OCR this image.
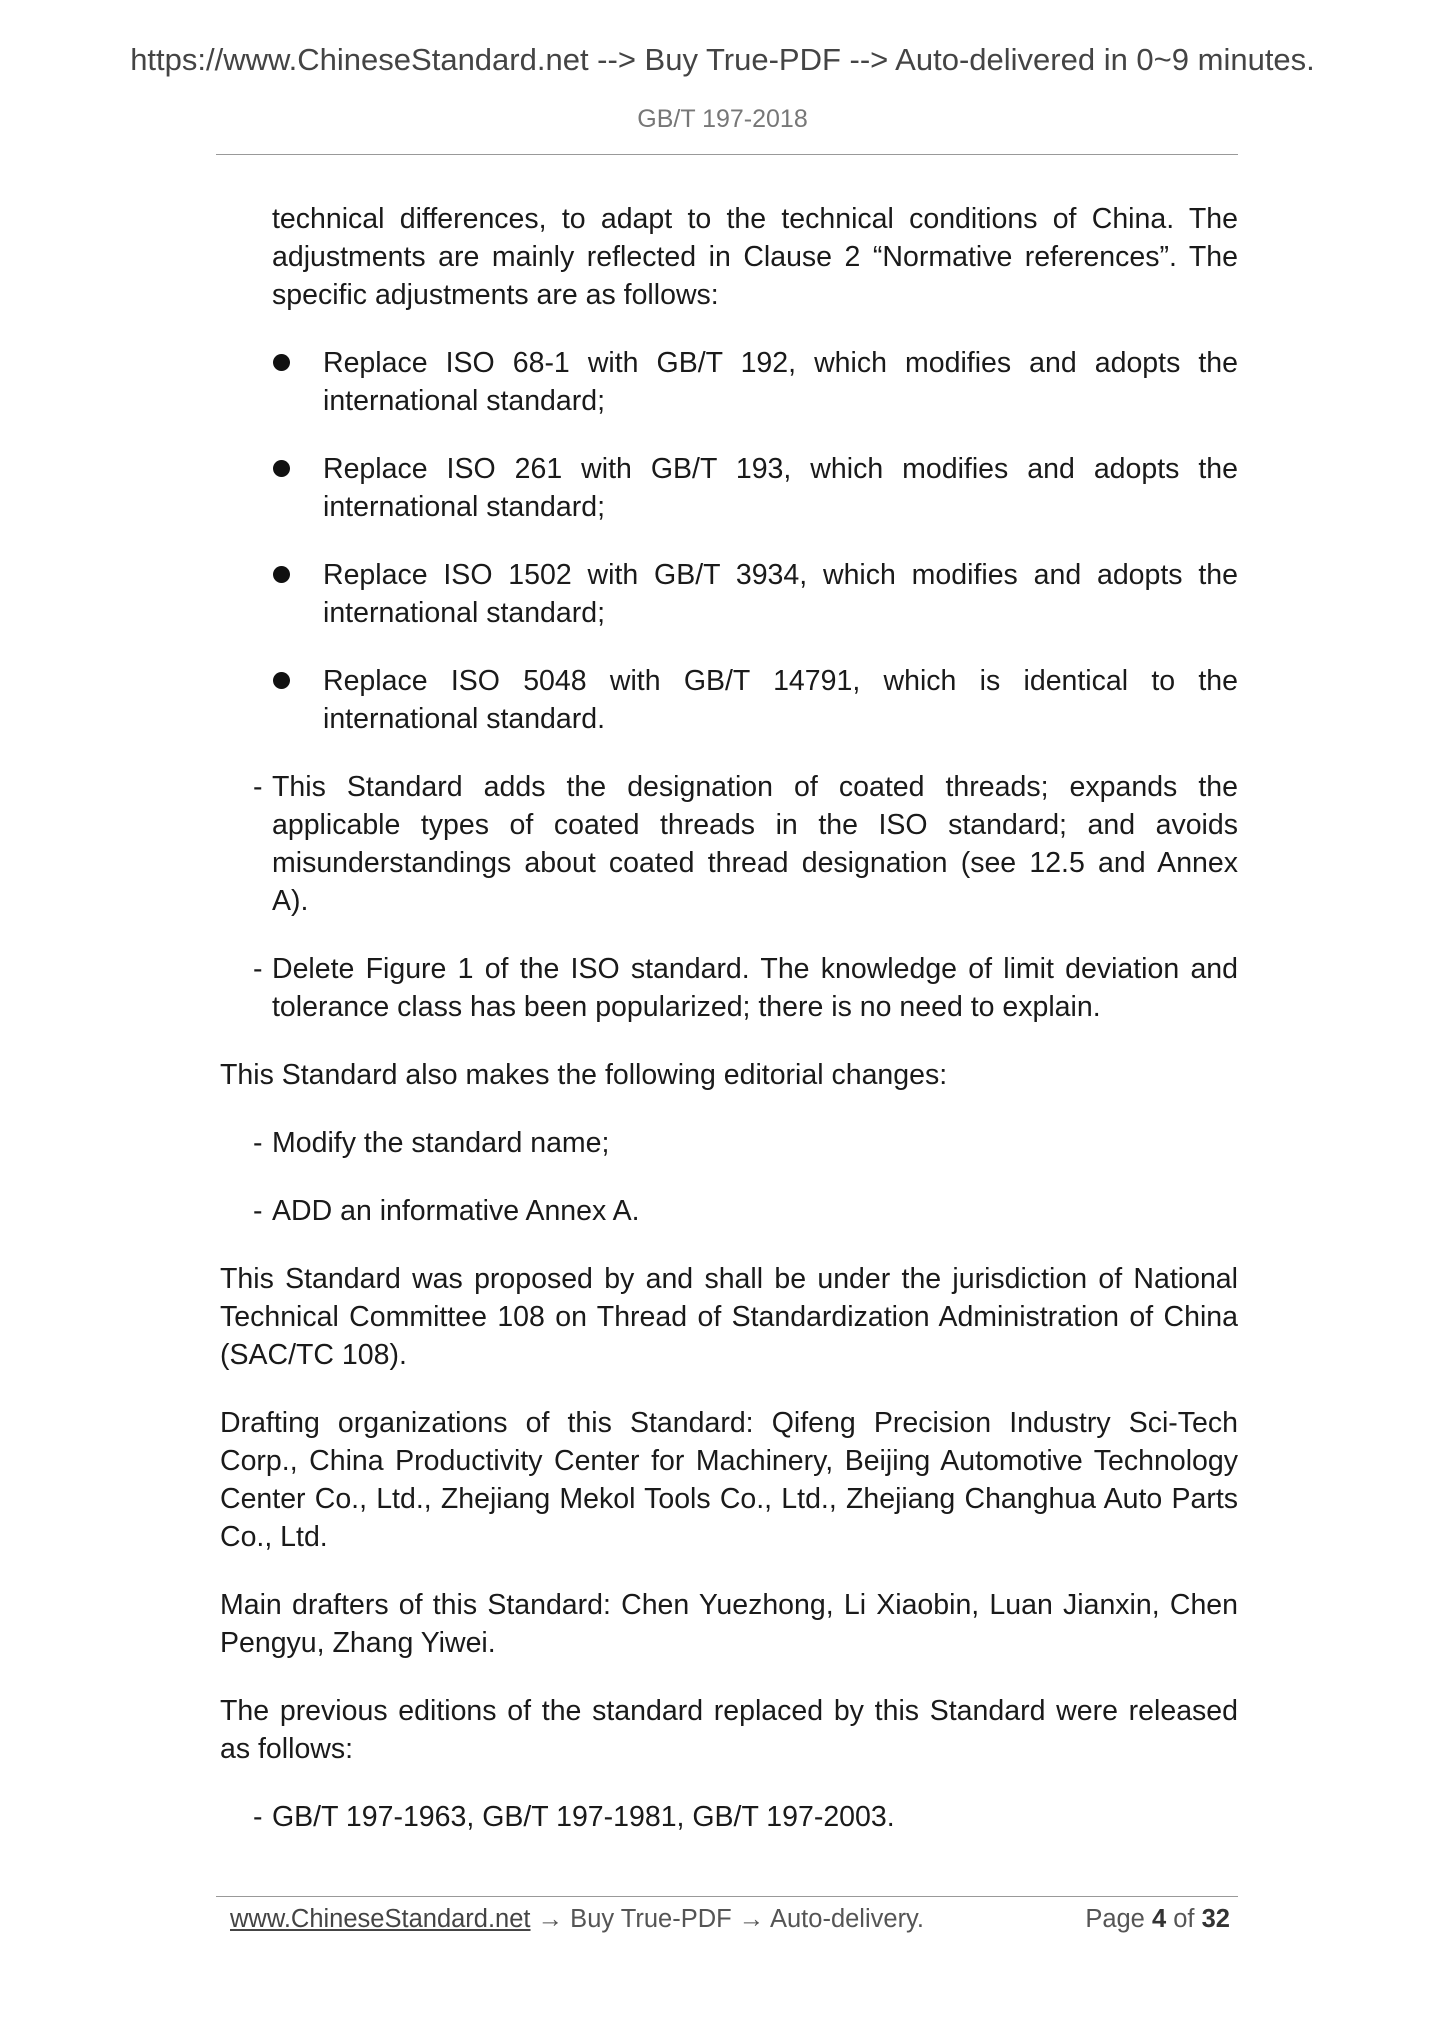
https://www.ChineseStandard.net --> Buy True-PDF --> Auto-delivered in 0~9 minutes.
GB/T 197-2018

technical differences, to adapt to the technical conditions of China. The adjustments are mainly reflected in Clause 2 “Normative references”. The specific adjustments are as follows:

Replace ISO 68-1 with GB/T 192, which modifies and adopts the international standard;
Replace ISO 261 with GB/T 193, which modifies and adopts the international standard;
Replace ISO 1502 with GB/T 3934, which modifies and adopts the international standard;
Replace ISO 5048 with GB/T 14791, which is identical to the international standard.
- This Standard adds the designation of coated threads; expands the applicable types of coated threads in the ISO standard; and avoids misunderstandings about coated thread designation (see 12.5 and Annex A).
- Delete Figure 1 of the ISO standard. The knowledge of limit deviation and tolerance class has been popularized; there is no need to explain.

This Standard also makes the following editorial changes:

- Modify the standard name;
- ADD an informative Annex A.

This Standard was proposed by and shall be under the jurisdiction of National Technical Committee 108 on Thread of Standardization Administration of China (SAC/TC 108).

Drafting organizations of this Standard: Qifeng Precision Industry Sci-Tech Corp., China Productivity Center for Machinery, Beijing Automotive Technology Center Co., Ltd., Zhejiang Mekol Tools Co., Ltd., Zhejiang Changhua Auto Parts Co., Ltd.

Main drafters of this Standard: Chen Yuezhong, Li Xiaobin, Luan Jianxin, Chen Pengyu, Zhang Yiwei.

The previous editions of the standard replaced by this Standard were released as follows:

- GB/T 197-1963, GB/T 197-1981, GB/T 197-2003.
www.ChineseStandard.net → Buy True-PDF → Auto-delivery.	Page 4 of 32
